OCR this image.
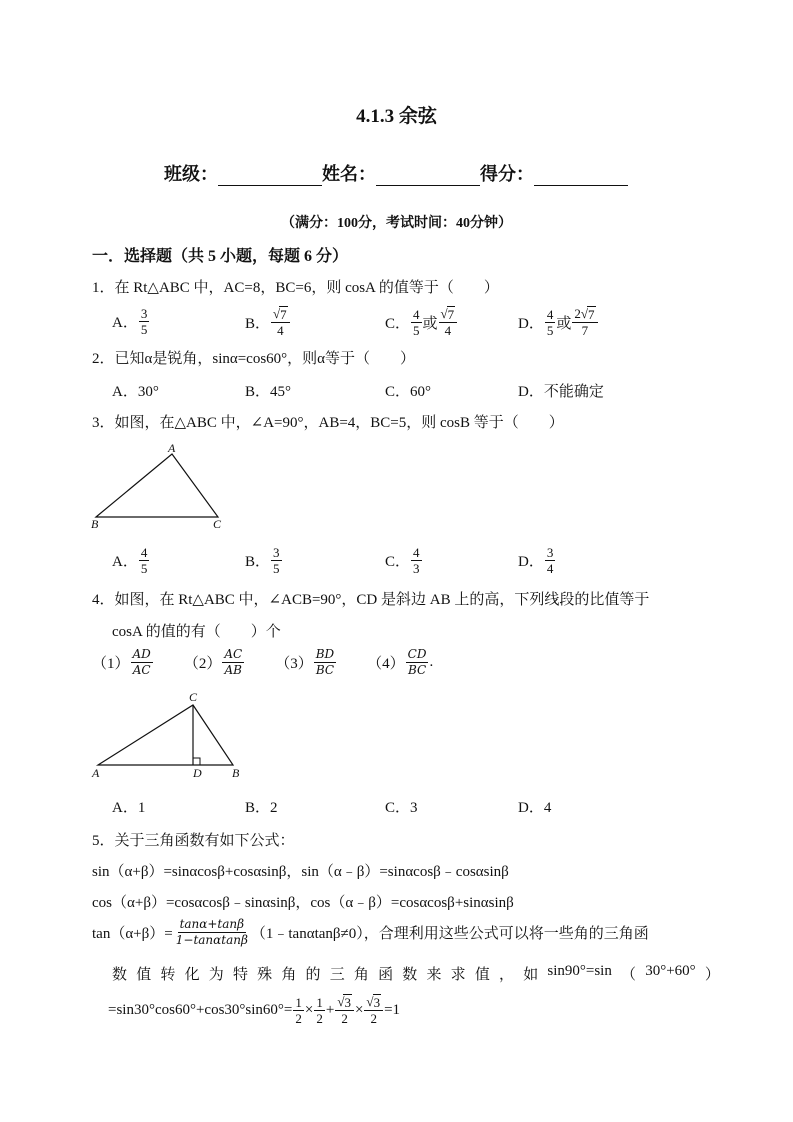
4.1.3 余弦
班级：	姓名：	得分：
（满分：100分，考试时间：40分钟）
一．选择题（共 5 小题，每题 6 分）
1．在 Rt△ABC 中，AC=8，BC=6，则 cosA 的值等于（　　）
A． $\frac{3}{5}$	B． $\frac{√ 7}{4}$	C． $\frac{4}{5}$ 或 $\frac{√ 7}{4}$	D． $\frac{4}{5}$ 或 $\frac{2 √ 7}{7}$
2．已知α是锐角，sinα=cos60°，则α等于（　　）
A．30°	B．45°	C．60°	D．不能确定
3．如图，在△ABC 中，∠A=90°，AB=4，BC=5，则 cosB 等于（　　）
A
B	C
A． $\frac{4}{5}$	B． $\frac{3}{5}$	C． $\frac{4}{3}$	D． $\frac{3}{4}$
4．如图，在 Rt△ABC 中，∠ACB=90°，CD 是斜边 AB 上的高，下列线段的比值等于
cosA 的值的有（　　）个
$(1) \frac{AD}{AC} (2) \frac{AC}{AB} (3) \frac{BD}{BC} (4) \frac{CD}{BC}$ .
C
A	D	B
A．1	B．2	C．3	D．4
5．关于三角函数有如下公式：
sin（α+β）=sinαcosβ+cosαsinβ，sin（α﹣β）=sinαcosβ﹣cosαsinβ
cos（α+β）=cosαcosβ﹣sinαsinβ，cos（α﹣β）=cosαcosβ+sinαsinβ
$\tan(\alpha+\beta)= \frac{\tan\alpha+\tan\beta}{1-\tan\alpha\tan\beta}$ （1﹣tanαtanβ≠0），合理利用这些公式可以将一些角的三角函
数 值 转 化 为 特 殊 角 的 三 角 函 数 来 求 值 ， 如 sin90°=sin （ 30°+60° ）
$=\sin 30^\circ\cos 60^\circ+\cos 30^\circ\sin 60^\circ= \frac{1}{2} \times \frac{1}{2} + \frac{√ 3}{2} \times \frac{√ 3}{2} =1$
